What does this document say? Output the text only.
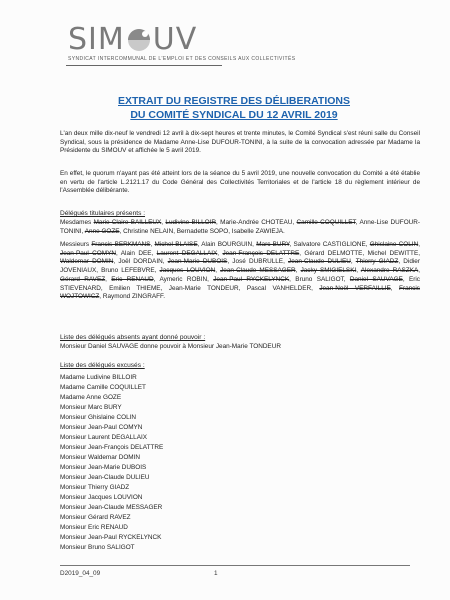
SIM UV
SYNDICAT INTERCOMMUNAL DE L'EMPLOI ET DES CONSEILS AUX COLLECTIVITÉS
EXTRAIT DU REGISTRE DES DÉLIBERATIONS
DU COMITÉ SYNDICAL DU 12 AVRIL 2019
L'an deux mille dix-neuf le vendredi 12 avril à dix-sept heures et trente minutes, le Comité Syndical s'est réuni salle du Conseil Syndical, sous la présidence de Madame Anne-Lise DUFOUR-TONINI, à la suite de la convocation adressée par Madame la Présidente du SIMOUV et affichée le 5 avril 2019.
En effet, le quorum n'ayant pas été atteint lors de la séance du 5 avril 2019, une nouvelle convocation du Comité a été établie en vertu de l'article L.2121.17 du Code Général des Collectivités Territoriales et de l'article 18 du règlement intérieur de l'Assemblée délibérante.
Délégués titulaires présents :
Mesdames Marie-Claire BAILLEUX, Ludivine BILLOIR, Marie-Andrée CHOTEAU, Camille COQUILLET, Anne-Lise DUFOUR-TONINI, Anne GOZE, Christine NELAIN, Bernadette SOPO, Isabelle ZAWIEJA.
Messieurs Francis BERKMANS, Michel BLAISE, Alain BOURGUIN, Marc BURY, Salvatore CASTIGLIONE, Ghislaine COLIN, Jean-Paul COMYN, Alain DEE, Laurent DEGALLAIX, Jean-François DELATTRE, Gérard DELMOTTE, Michel DEWITTE, Waldemar DOMIN, Joël DORDAIN, Jean-Marie DUBOIS, José DUBRULLE, Jean-Claude DULIEU, Thierry GIADZ, Didier JOVENIAUX, Bruno LEFEBVRE, Jacques LOUVION, Jean-Claude MESSAGER, Jacky SMIGIELSKI, Alexandre RASZKA, Gérard RAVEZ, Eric RENAUD, Aymeric ROBIN, Jean-Paul RYCKELYNCK, Bruno SALIGOT, Daniel SAUVAGE, Eric STIEVENARD, Emilien THIEME, Jean-Marie TONDEUR, Pascal VANHELDER, Jean-Noël VERFAILLIE, Francis WOJTOWICZ, Raymond ZINGRAFF.
Liste des délégués absents ayant donné pouvoir :
Monsieur Daniel SAUVAGE donne pouvoir à Monsieur Jean-Marie TONDEUR
Liste des délégués excusés :
Madame Ludivine BILLOIR
Madame Camille COQUILLET
Madame Anne GOZE
Monsieur Marc BURY
Monsieur Ghislaine COLIN
Monsieur Jean-Paul COMYN
Monsieur Laurent DEGALLAIX
Monsieur Jean-François DELATTRE
Monsieur Waldemar DOMIN
Monsieur Jean-Marie DUBOIS
Monsieur Jean-Claude DULIEU
Monsieur Thierry GIADZ
Monsieur Jacques LOUVION
Monsieur Jean-Claude MESSAGER
Monsieur Gérard RAVEZ
Monsieur Eric RENAUD
Monsieur Jean-Paul RYCKELYNCK
Monsieur Bruno SALIGOT
D2019_04_09	1
